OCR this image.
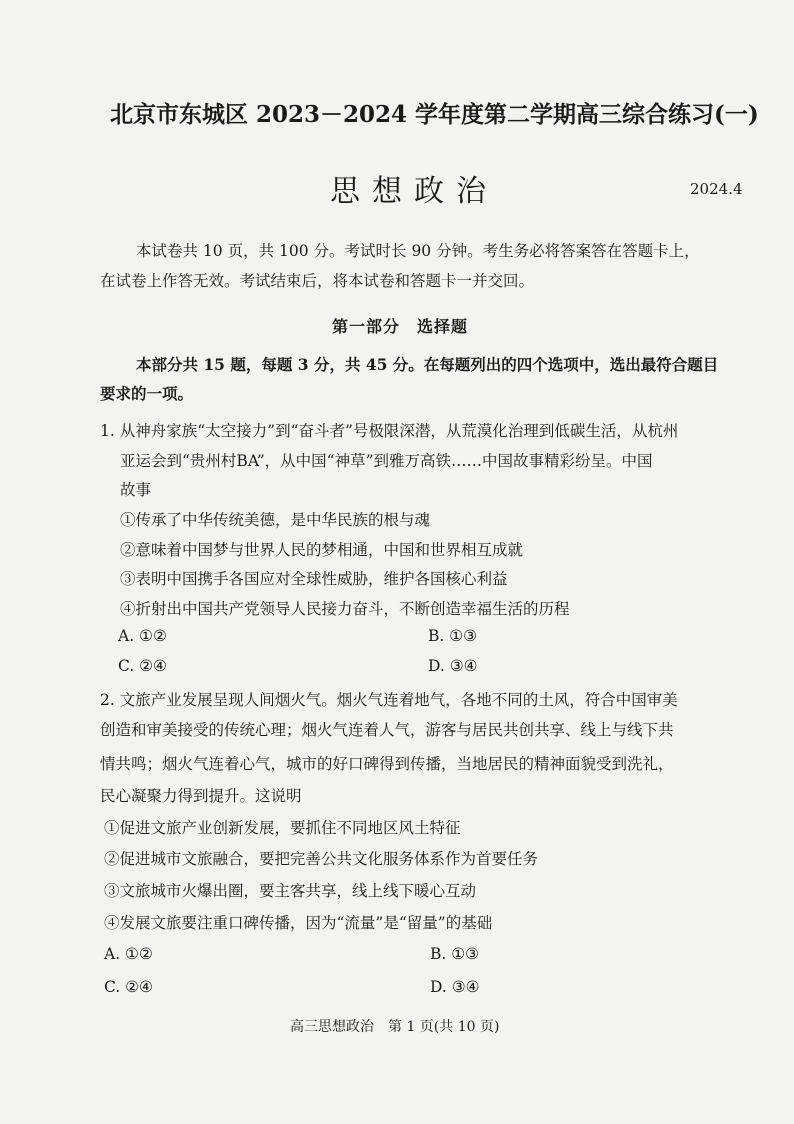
北京市东城区 2023－2024 学年度第二学期高三综合练习(一)
思想政治	2024.4
本试卷共 10 页，共 100 分。考试时长 90 分钟。考生务必将答案答在答题卡上，
在试卷上作答无效。考试结束后，将本试卷和答题卡一并交回。
第一部分　选择题
本部分共 15 题，每题 3 分，共 45 分。在每题列出的四个选项中，选出最符合题目
要求的一项。
1. 从神舟家族“太空接力”到“奋斗者”号极限深潜，从荒漠化治理到低碳生活，从杭州
亚运会到“贵州村BA”，从中国“神草”到雅万高铁……中国故事精彩纷呈。中国
故事
①传承了中华传统美德，是中华民族的根与魂
②意味着中国梦与世界人民的梦相通，中国和世界相互成就
③表明中国携手各国应对全球性威胁，维护各国核心利益
④折射出中国共产党领导人民接力奋斗，不断创造幸福生活的历程
A. ①②	B. ①③
C. ②④	D. ③④
2. 文旅产业发展呈现人间烟火气。烟火气连着地气，各地不同的土风，符合中国审美
创造和审美接受的传统心理；烟火气连着人气，游客与居民共创共享、线上与线下共
情共鸣；烟火气连着心气，城市的好口碑得到传播，当地居民的精神面貌受到洗礼，
民心凝聚力得到提升。这说明
①促进文旅产业创新发展，要抓住不同地区风土特征
②促进城市文旅融合，要把完善公共文化服务体系作为首要任务
③文旅城市火爆出圈，要主客共享，线上线下暖心互动
④发展文旅要注重口碑传播，因为“流量”是“留量”的基础
A. ①②	B. ①③
C. ②④	D. ③④
高三思想政治　第 1 页(共 10 页)
